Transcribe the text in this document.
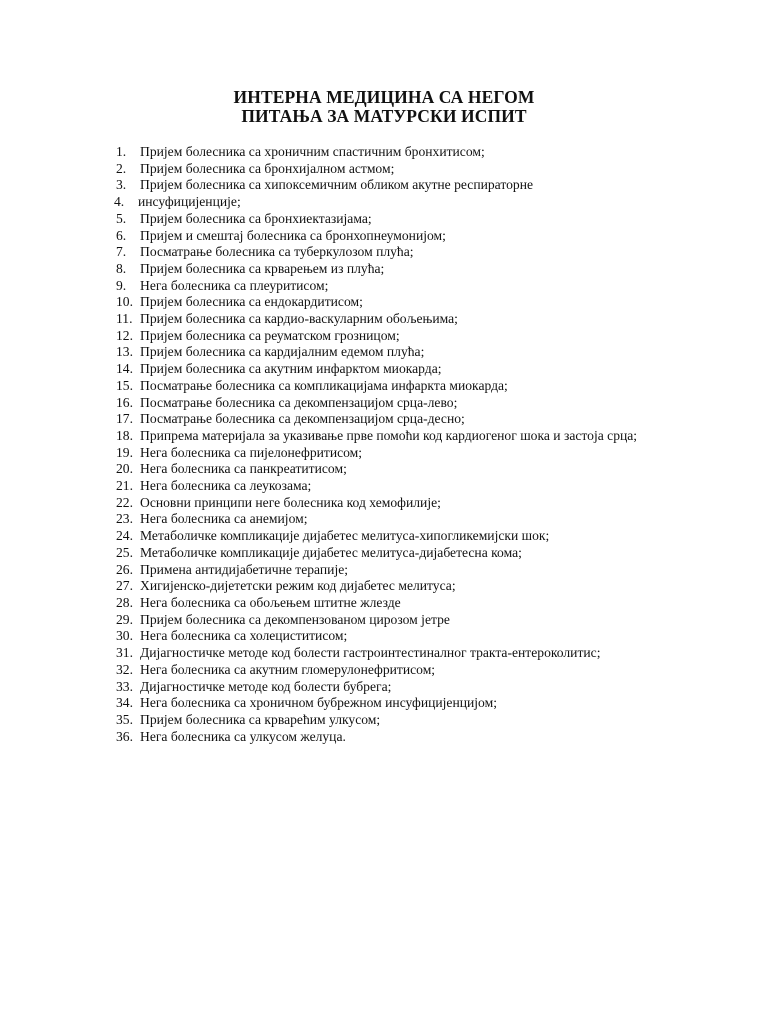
ИНТЕРНА МЕДИЦИНА СА НЕГОМ
ПИТАЊА ЗА МАТУРСКИ ИСПИТ
1. Пријем болесника са хроничним спастичним бронхитисом;
2. Пријем болесника са бронхијалном астмом;
3. Пријем болесника са хипоксемичним обликом акутне респираторне
4. инсуфицијенције;
5. Пријем болесника са бронхиектазијама;
6. Пријем и смештај болесника са бронхопнеумонијом;
7. Посматрање болесника са туберкулозом плућа;
8. Пријем болесника са крварењем из плућа;
9. Нега болесника са плеуритисом;
10. Пријем болесника са ендокардитисом;
11. Пријем болесника са кардио-васкуларним обољењима;
12. Пријем болесника са реуматском грозницом;
13. Пријем болесника са кардијалним едемом плућа;
14. Пријем болесника са акутним инфарктом миокарда;
15. Посматрање болесника са компликацијама инфаркта миокарда;
16. Посматрање болесника са декомпензацијом срца-лево;
17. Посматрање болесника са декомпензацијом срца-десно;
18. Припрема материјала за указивање прве помоћи код кардиогеног шока и застоја срца;
19. Нега болесника са пијелонефритисом;
20. Нега болесника са панкреатитисом;
21. Нега болесника са леукозама;
22. Основни принципи неге болесника код хемофилије;
23. Нега болесника са анемијом;
24. Метаболичке компликације дијабетес мелитуса-хипогликемијски шок;
25. Метаболичке компликације дијабетес мелитуса-дијабетесна кома;
26. Примена антидијабетичне терапије;
27. Хигијенско-дијететски режим код дијабетес мелитуса;
28. Нега болесника са обољењем штитне жлезде
29. Пријем болесника са декомпензованом цирозом јетре
30. Нега болесника са холециститисом;
31. Дијагностичке методе код болести гастроинтестиналног тракта-ентероколитис;
32. Нега болесника са акутним гломерулонефритисом;
33. Дијагностичке методе код болести бубрега;
34. Нега болесника са хроничном бубрежном инсуфицијенцијом;
35. Пријем болесника са крварећим улкусом;
36. Нега болесника са улкусом желуца.
